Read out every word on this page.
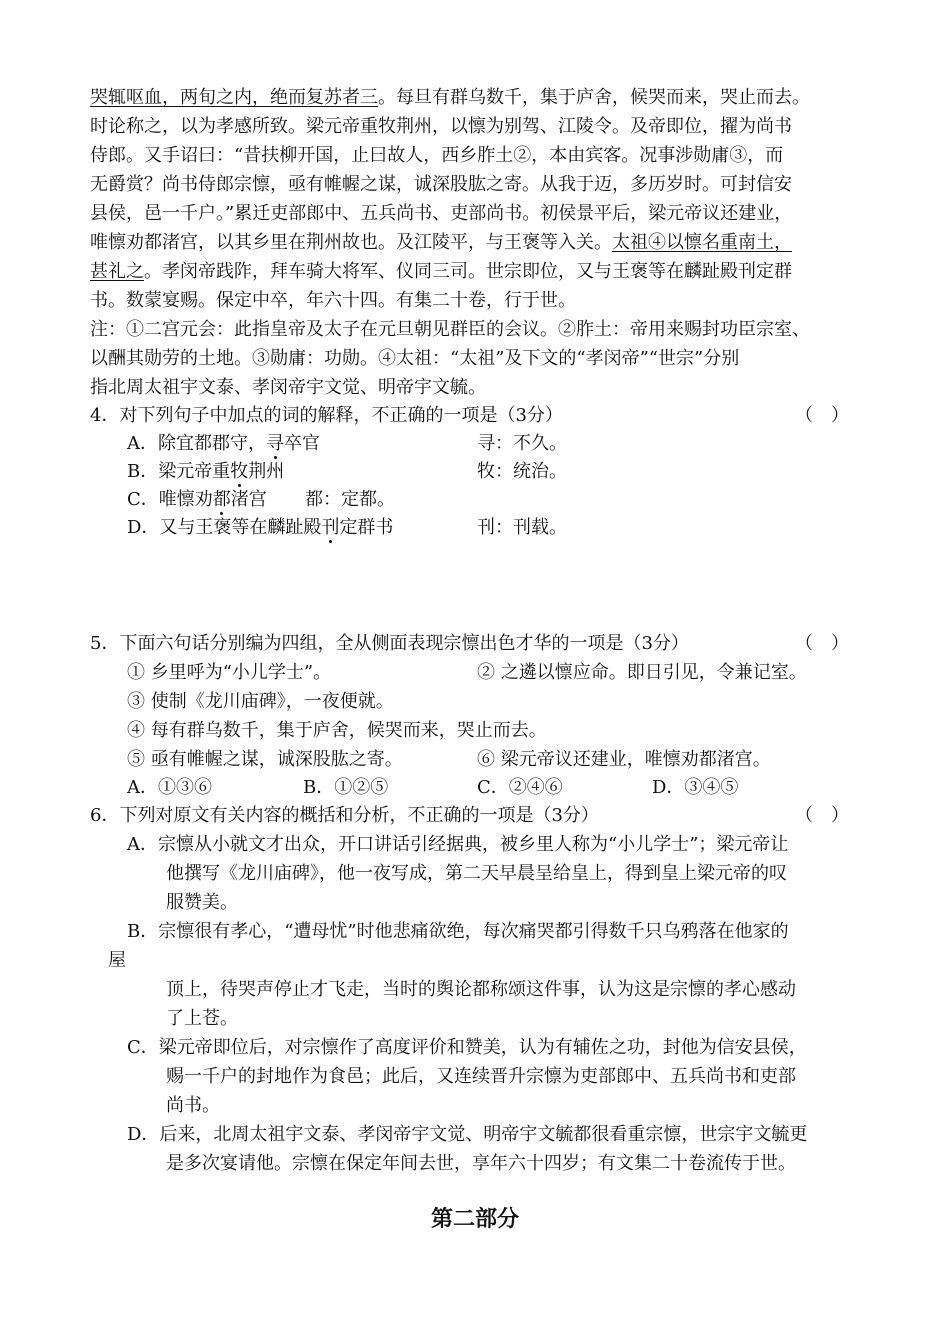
哭辄呕血，两旬之内，绝而复苏者三。每旦有群乌数千，集于庐舍，候哭而来，哭止而去。
时论称之，以为孝感所致。梁元帝重牧荆州，以懔为别驾、江陵令。及帝即位，擢为尚书
侍郎。又手诏曰：“昔扶柳开国，止曰故人，西乡胙土②，本由宾客。况事涉勋庸③，而
无爵赏？尚书侍郎宗懔，亟有帷幄之谋，诚深股肱之寄。从我于迈，多历岁时。可封信安
县侯，邑一千户。”累迁吏部郎中、五兵尚书、吏部尚书。初侯景平后，梁元帝议还建业，
唯懔劝都渚宫，以其乡里在荆州故也。及江陵平，与王褒等入关。太祖④以懔名重南土，
甚礼之。孝闵帝践阼，拜车骑大将军、仪同三司。世宗即位，又与王褒等在麟趾殿刊定群
书。数蒙宴赐。保定中卒，年六十四。有集二十卷，行于世。
注：①二宫元会：此指皇帝及太子在元旦朝见群臣的会议。②胙土：帝用来赐封功臣宗室、
以酬其勋劳的土地。③勋庸：功勋。④太祖：“太祖”及下文的“孝闵帝”“世宗”分别
指北周太祖宇文泰、孝闵帝宇文觉、明帝宇文毓。
4．对下列句子中加点的词的解释，不正确的一项是（3分）	（　）
A．除宜都郡守，寻卒官	寻：不久。
B．梁元帝重牧荆州	牧：统治。
C．唯懔劝都渚宫 都：定都。
D．又与王褒等在麟趾殿刊定群书	刊：刊载。
5．下面六句话分别编为四组，全从侧面表现宗懔出色才华的一项是（3分）	（　）
① 乡里呼为“小儿学士”。	② 之遴以懔应命。即日引见，令兼记室。
③ 使制《龙川庙碑》，一夜便就。
④ 每有群乌数千，集于庐舍，候哭而来，哭止而去。
⑤ 亟有帷幄之谋，诚深股肱之寄。	⑥ 梁元帝议还建业，唯懔劝都渚宫。
A．①③⑥	B．①②⑤	C．②④⑥	D．③④⑤
6．下列对原文有关内容的概括和分析，不正确的一项是（3分）	（　）
A．宗懔从小就文才出众，开口讲话引经据典，被乡里人称为“小儿学士”；梁元帝让
他撰写《龙川庙碑》，他一夜写成，第二天早晨呈给皇上，得到皇上梁元帝的叹
服赞美。
B．宗懔很有孝心，“遭母忧”时他悲痛欲绝，每次痛哭都引得数千只乌鸦落在他家的
屋
顶上，待哭声停止才飞走，当时的舆论都称颂这件事，认为这是宗懔的孝心感动
了上苍。
C．梁元帝即位后，对宗懔作了高度评价和赞美，认为有辅佐之功，封他为信安县侯，
赐一千户的封地作为食邑；此后，又连续晋升宗懔为吏部郎中、五兵尚书和吏部
尚书。
D．后来，北周太祖宇文泰、孝闵帝宇文觉、明帝宇文毓都很看重宗懔，世宗宇文毓更
是多次宴请他。宗懔在保定年间去世，享年六十四岁；有文集二十卷流传于世。
第二部分
